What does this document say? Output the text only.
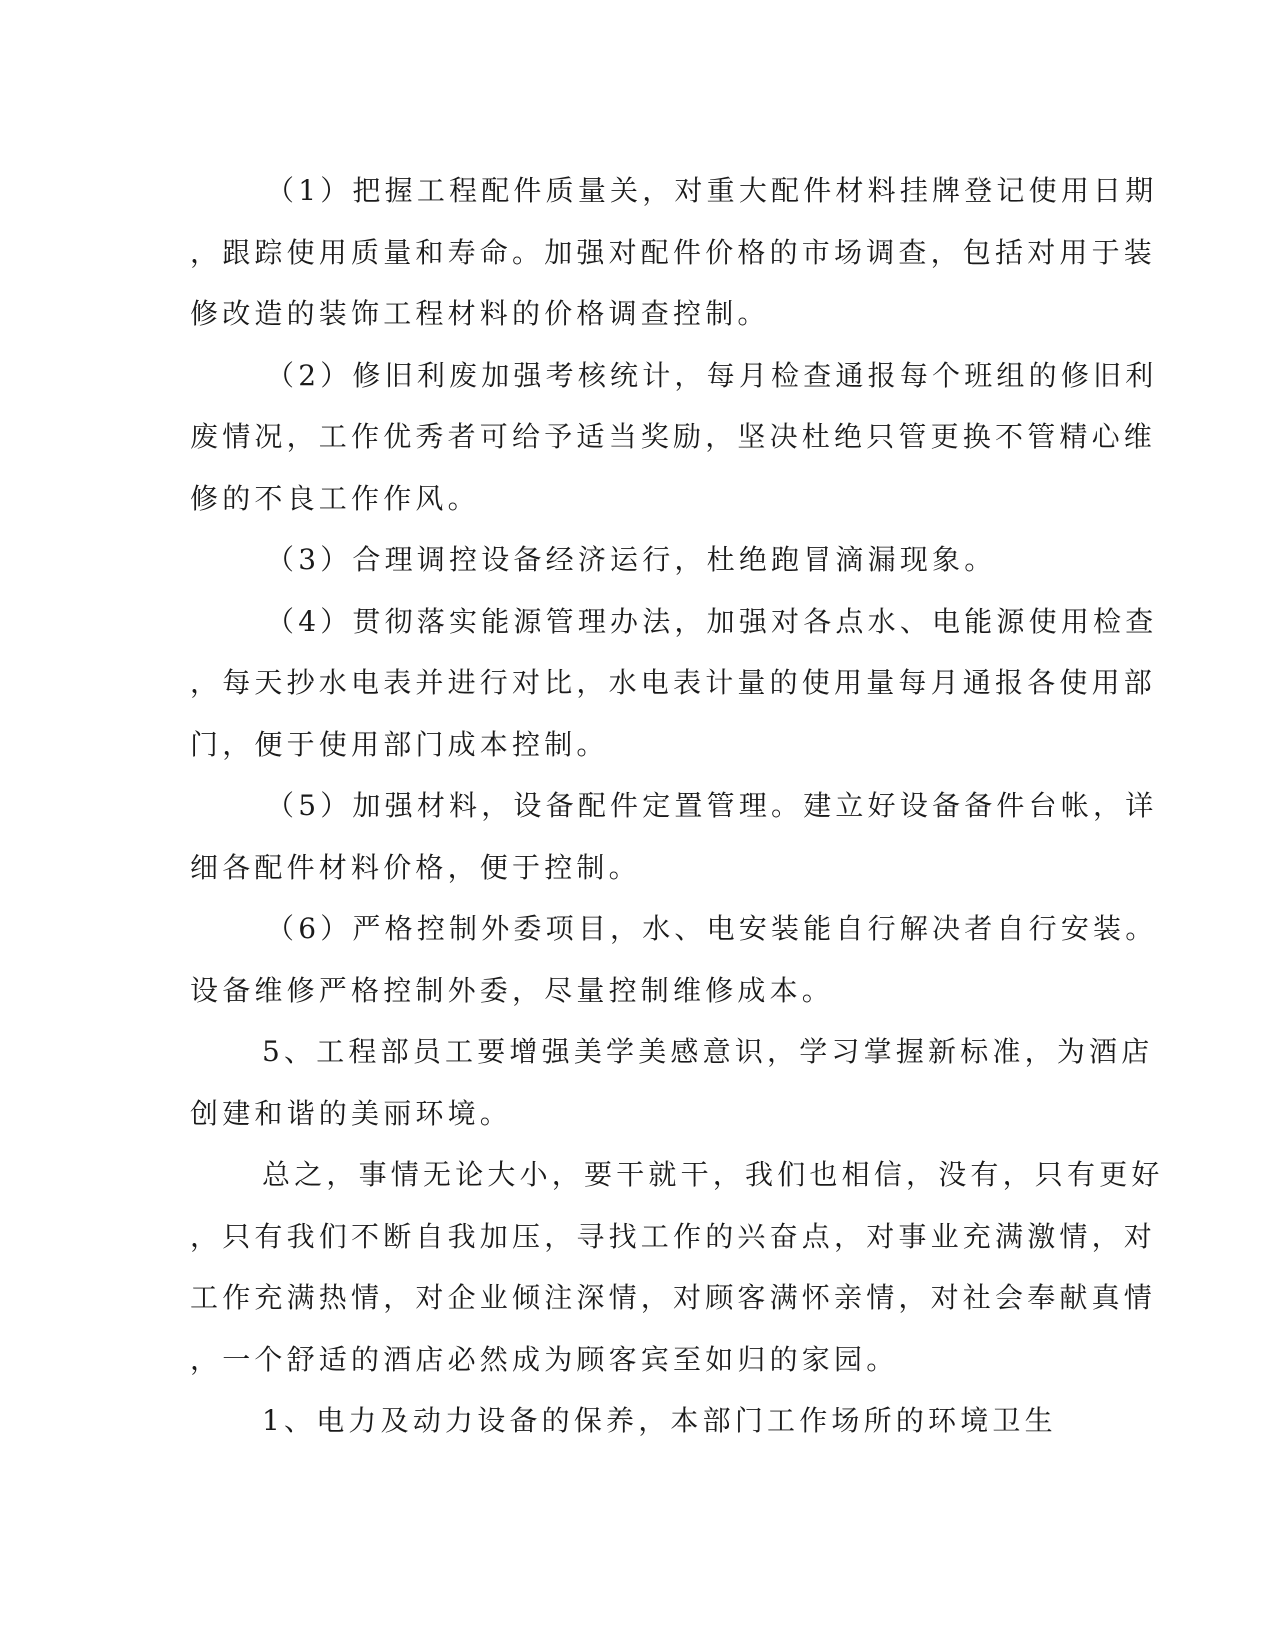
（1）把握工程配件质量关，对重大配件材料挂牌登记使用日期
，跟踪使用质量和寿命。加强对配件价格的市场调查，包括对用于装
修改造的装饰工程材料的价格调查控制。
（2）修旧利废加强考核统计，每月检查通报每个班组的修旧利
废情况，工作优秀者可给予适当奖励，坚决杜绝只管更换不管精心维
修的不良工作作风。
（3）合理调控设备经济运行，杜绝跑冒滴漏现象。
（4）贯彻落实能源管理办法，加强对各点水、电能源使用检查
，每天抄水电表并进行对比，水电表计量的使用量每月通报各使用部
门，便于使用部门成本控制。
（5）加强材料，设备配件定置管理。建立好设备备件台帐，详
细各配件材料价格，便于控制。
（6）严格控制外委项目，水、电安装能自行解决者自行安装。
设备维修严格控制外委，尽量控制维修成本。
5、工程部员工要增强美学美感意识，学习掌握新标准，为酒店
创建和谐的美丽环境。
总之，事情无论大小，要干就干，我们也相信，没有，只有更好
，只有我们不断自我加压，寻找工作的兴奋点，对事业充满激情，对
工作充满热情，对企业倾注深情，对顾客满怀亲情，对社会奉献真情
，一个舒适的酒店必然成为顾客宾至如归的家园。
1、电力及动力设备的保养，本部门工作场所的环境卫生
